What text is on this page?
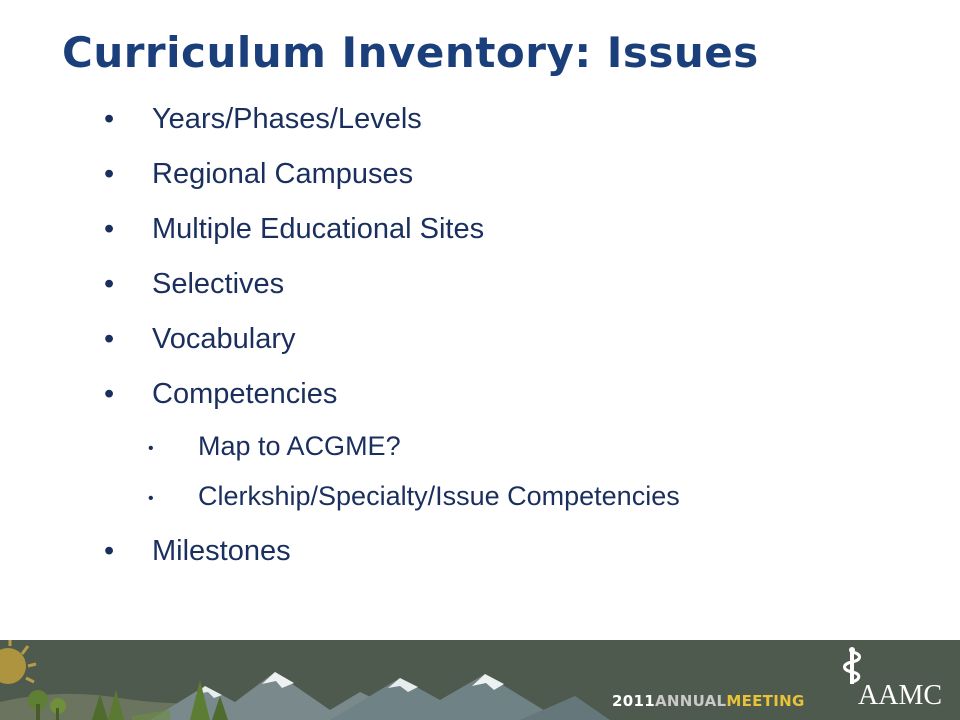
Curriculum Inventory: Issues
• Years/Phases/Levels
• Regional Campuses
• Multiple Educational Sites
• Selectives
• Vocabulary
• Competencies
• Map to ACGME?
• Clerkship/Specialty/Issue Competencies
• Milestones
2011ANNUALMEETING AAMC
